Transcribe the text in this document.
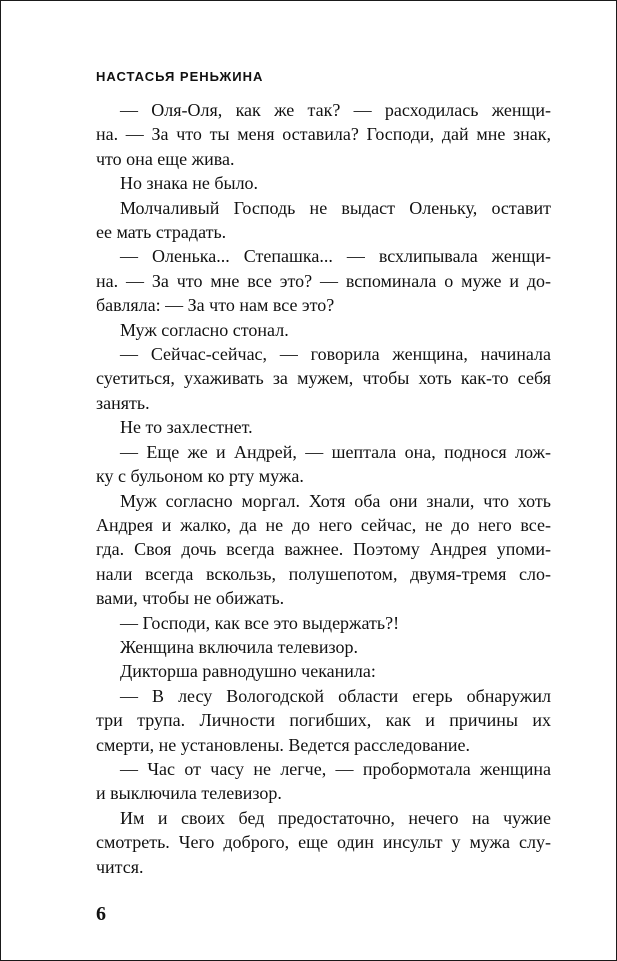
НАСТАСЬЯ РЕНЬЖИНА

— Оля-Оля, как же так? — расходилась женщи-
на. — За что ты меня оставила? Господи, дай мне знак,
что она еще жива.

Но знака не было.

Молчаливый Господь не выдаст Оленьку, оставит
ее мать страдать.

— Оленька... Степашка... — всхлипывала женщи-
на. — За что мне все это? — вспоминала о муже и до-
бавляла: — За что нам все это?

Муж согласно стонал.

— Сейчас-сейчас, — говорила женщина, начинала
суетиться, ухаживать за мужем, чтобы хоть как-то себя
занять.

Не то захлестнет.

— Еще же и Андрей, — шептала она, поднося лож-
ку с бульоном ко рту мужа.

Муж согласно моргал. Хотя оба они знали, что хоть
Андрея и жалко, да не до него сейчас, не до него все-
гда. Своя дочь всегда важнее. Поэтому Андрея упоми-
нали всегда вскользь, полушепотом, двумя-тремя сло-
вами, чтобы не обижать.

— Господи, как все это выдержать?!

Женщина включила телевизор.

Дикторша равнодушно чеканила:

— В лесу Вологодской области егерь обнаружил
три трупа. Личности погибших, как и причины их
смерти, не установлены. Ведется расследование.

— Час от часу не легче, — пробормотала женщина
и выключила телевизор.

Им и своих бед предостаточно, нечего на чужие
смотреть. Чего доброго, еще один инсульт у мужа слу-
чится.

6
